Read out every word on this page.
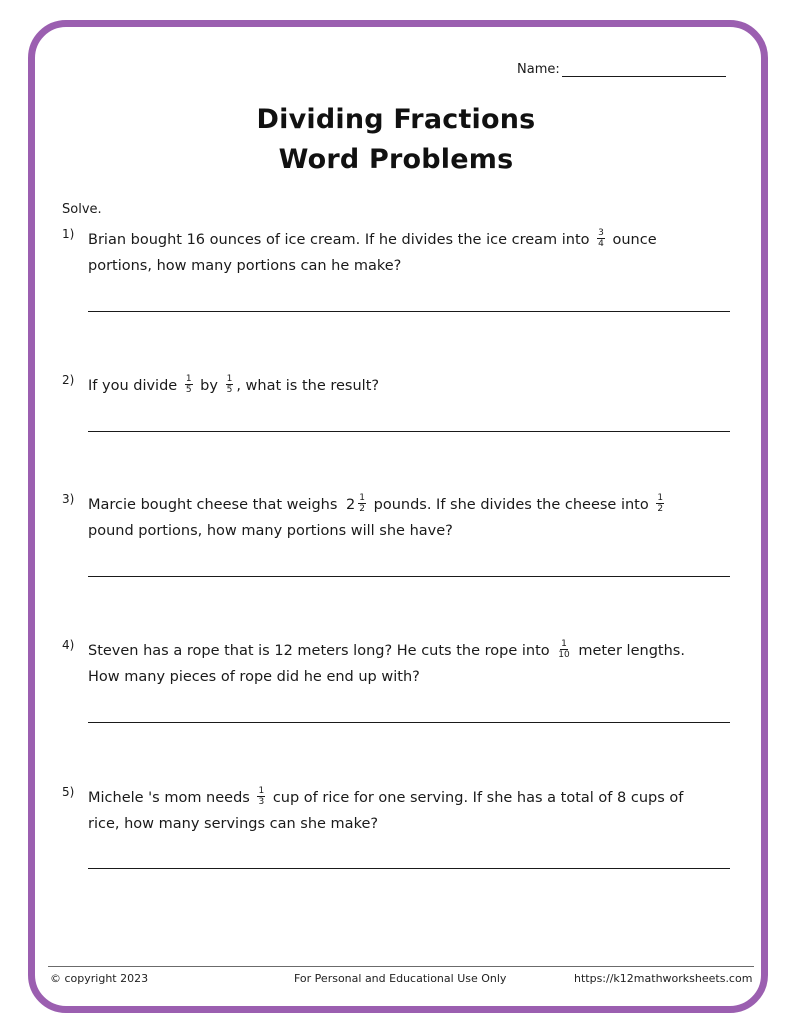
Name:
Dividing Fractions
Word Problems
Solve.
1) Brian bought 16 ounces of ice cream. If he divides the ice cream into $\frac{3}{4}$ ounce portions, how many portions can he make?
2) If you divide $\frac{1}{5}$ by $\frac{1}{5}$ , what is the result?
3) Marcie bought cheese that weighs $2 \frac{1}{2}$ pounds. If she divides the cheese into $\frac{1}{2}$
pound portions, how many portions will she have?
4) Steven has a rope that is 12 meters long? He cuts the rope into $\frac{1}{10}$ meter lengths. How many pieces of rope did he end up with?
5) Michele 's mom needs $\frac{1}{3}$ cup of rice for one serving. If she has a total of 8 cups of rice, how many servings can she make?
© copyright 2023	For Personal and Educational Use Only	https://k12mathworksheets.com
